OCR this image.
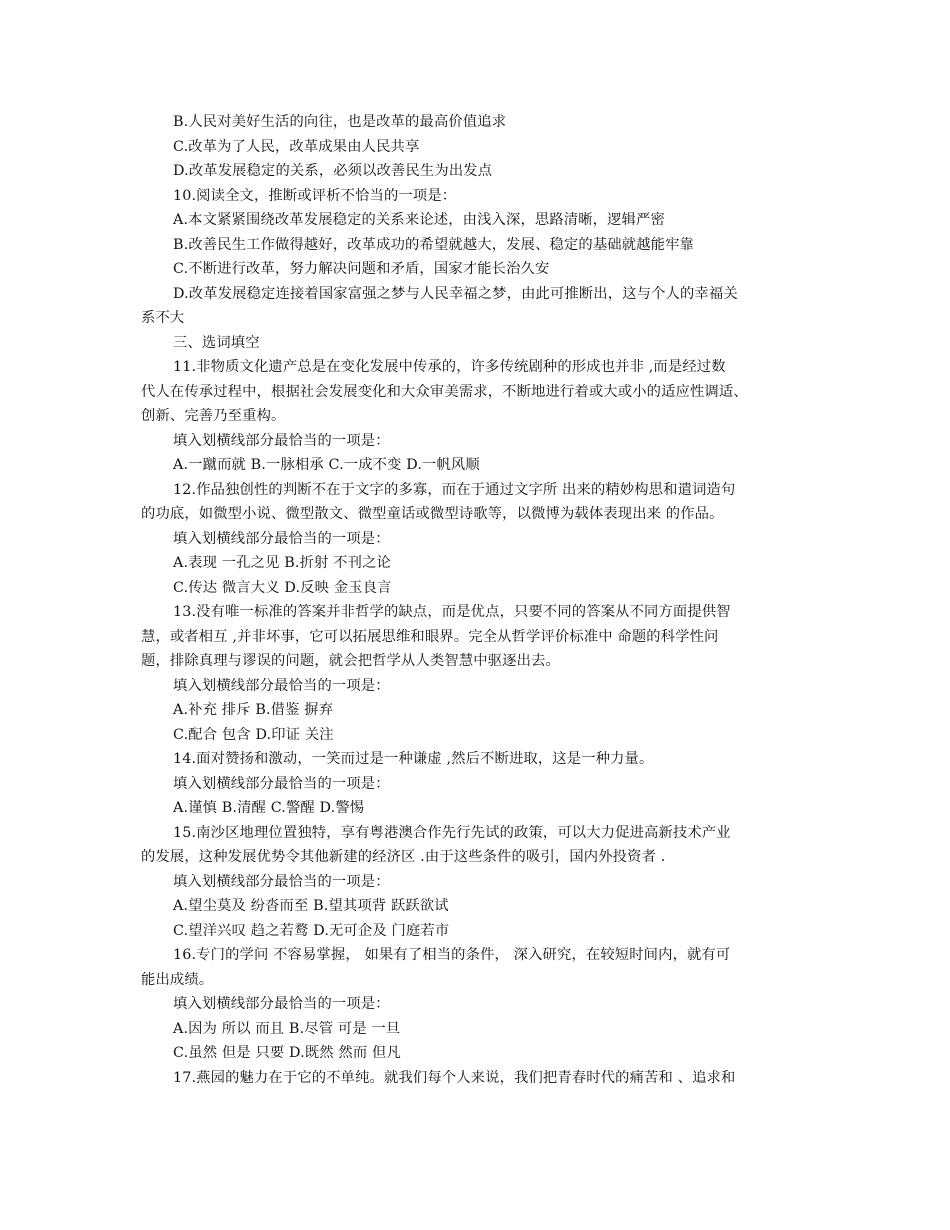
B.人民对美好生活的向往，也是改革的最高价值追求
C.改革为了人民，改革成果由人民共享
D.改革发展稳定的关系，必须以改善民生为出发点
10.阅读全文，推断或评析不恰当的一项是：
A.本文紧紧围绕改革发展稳定的关系来论述，由浅入深，思路清晰，逻辑严密
B.改善民生工作做得越好，改革成功的希望就越大，发展、稳定的基础就越能牢靠
C.不断进行改革，努力解决问题和矛盾，国家才能长治久安
D.改革发展稳定连接着国家富强之梦与人民幸福之梦，由此可推断出，这与个人的幸福关
系不大
三、选词填空
11.非物质文化遗产总是在变化发展中传承的，许多传统剧种的形成也并非 ,而是经过数
代人在传承过程中，根据社会发展变化和大众审美需求，不断地进行着或大或小的适应性调适、
创新、完善乃至重构。
填入划横线部分最恰当的一项是：
A.一蹴而就 B.一脉相承 C.一成不变 D.一帆风顺
12.作品独创性的判断不在于文字的多寡，而在于通过文字所 出来的精妙构思和遣词造句
的功底，如微型小说、微型散文、微型童话或微型诗歌等，以微博为载体表现出来 的作品。
填入划横线部分最恰当的一项是：
A.表现 一孔之见 B.折射 不刊之论
C.传达 微言大义 D.反映 金玉良言
13.没有唯一标准的答案并非哲学的缺点，而是优点，只要不同的答案从不同方面提供智
慧，或者相互 ,并非坏事，它可以拓展思维和眼界。完全从哲学评价标准中 命题的科学性问
题，排除真理与谬误的问题，就会把哲学从人类智慧中驱逐出去。
填入划横线部分最恰当的一项是：
A.补充 排斥 B.借鉴 摒弃
C.配合 包含 D.印证 关注
14.面对赞扬和激动，一笑而过是一种谦虚 ,然后不断进取，这是一种力量。
填入划横线部分最恰当的一项是：
A.谨慎 B.清醒 C.警醒 D.警惕
15.南沙区地理位置独特，享有粤港澳合作先行先试的政策，可以大力促进高新技术产业
的发展，这种发展优势令其他新建的经济区 .由于这些条件的吸引，国内外投资者 .
填入划横线部分最恰当的一项是：
A.望尘莫及 纷沓而至 B.望其项背 跃跃欲试
C.望洋兴叹 趋之若鹜 D.无可企及 门庭若市
16.专门的学问 不容易掌握， 如果有了相当的条件， 深入研究，在较短时间内，就有可
能出成绩。
填入划横线部分最恰当的一项是：
A.因为 所以 而且 B.尽管 可是 一旦
C.虽然 但是 只要 D.既然 然而 但凡
17.燕园的魅力在于它的不单纯。就我们每个人来说，我们把青春时代的痛苦和 、追求和
